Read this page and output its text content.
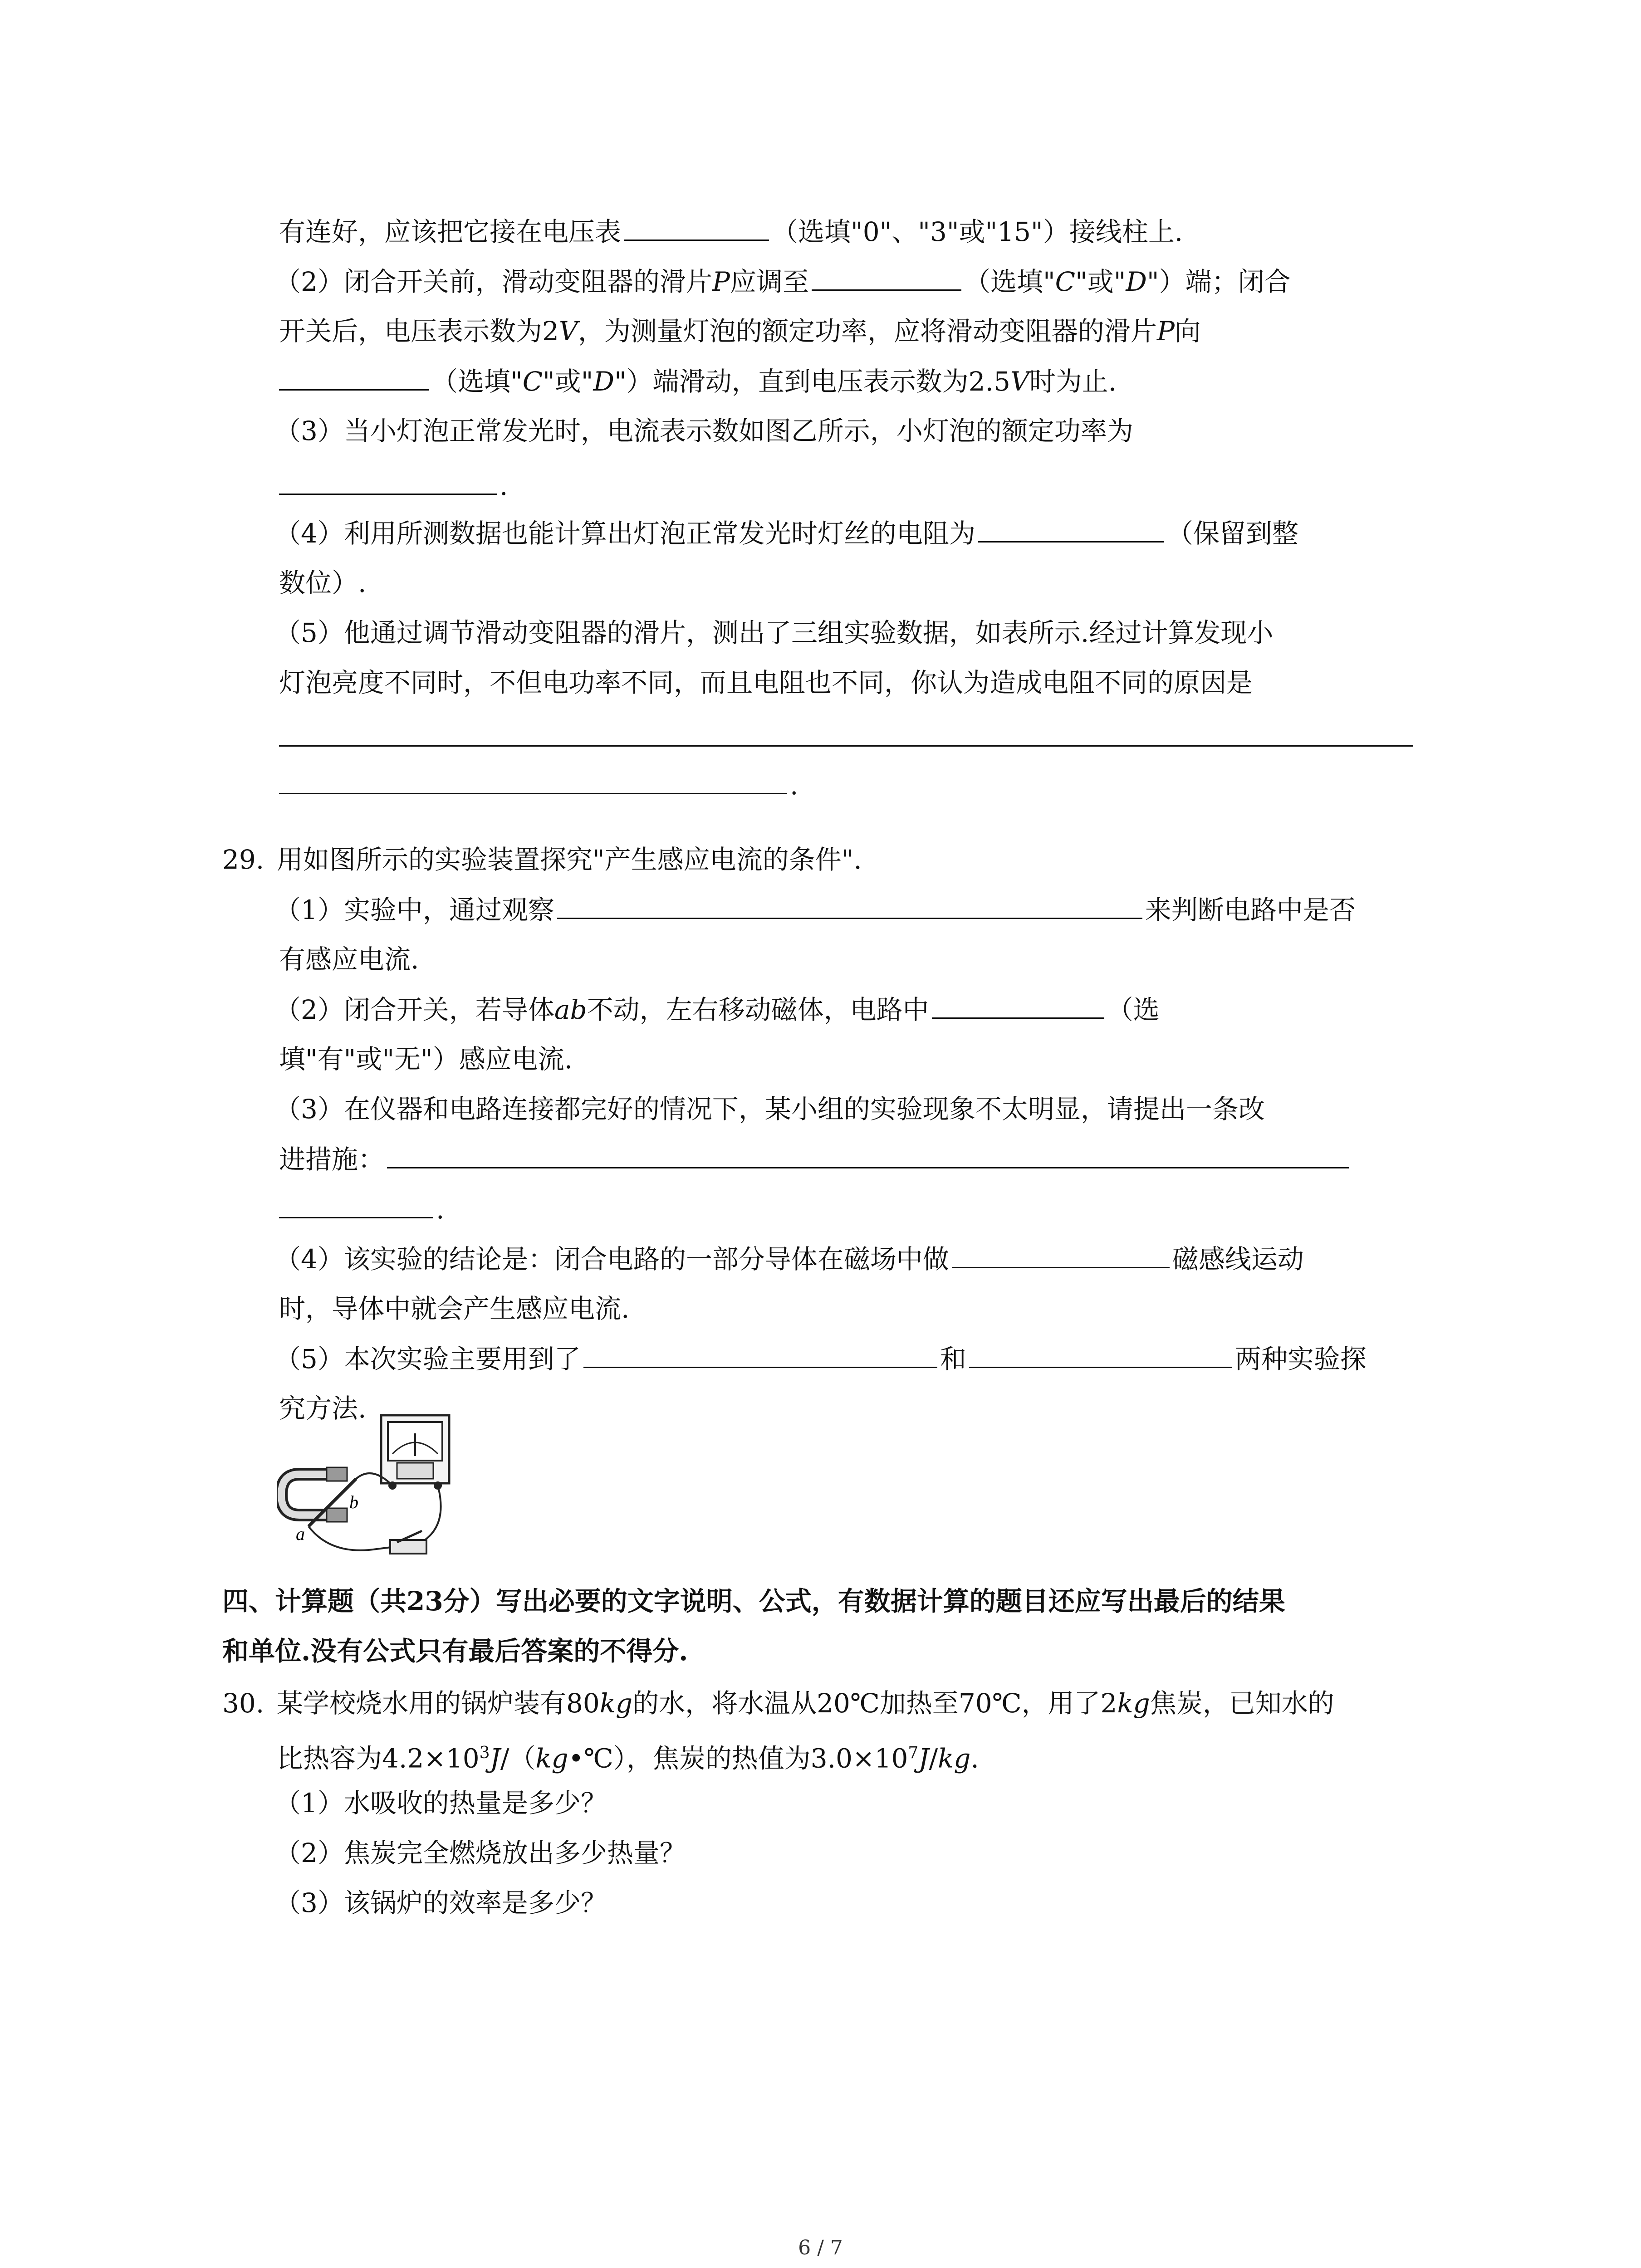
有连好，应该把它接在电压表	（选填"0"、"3"或"15"）接线柱上.
（2）闭合开关前，滑动变阻器的滑片P应调至	（选填"C"或"D"）端；闭合
开关后，电压表示数为2V，为测量灯泡的额定功率，应将滑动变阻器的滑片P向
（选填"C"或"D"）端滑动，直到电压表示数为2.5V时为止.
（3）当小灯泡正常发光时，电流表示数如图乙所示，小灯泡的额定功率为
.
（4）利用所测数据也能计算出灯泡正常发光时灯丝的电阻为	（保留到整
数位）.
（5）他通过调节滑动变阻器的滑片，测出了三组实验数据，如表所示.经过计算发现小
灯泡亮度不同时，不但电功率不同，而且电阻也不同，你认为造成电阻不同的原因是
.
29. 用如图所示的实验装置探究"产生感应电流的条件".
（1）实验中，通过观察	来判断电路中是否
有感应电流.
（2）闭合开关，若导体ab不动，左右移动磁体，电路中	（选
填"有"或"无"）感应电流.
（3）在仪器和电路连接都完好的情况下，某小组的实验现象不太明显，请提出一条改
进措施：
.
（4）该实验的结论是：闭合电路的一部分导体在磁场中做	磁感线运动
时，导体中就会产生感应电流.
（5）本次实验主要用到了	和	两种实验探
究方法.
a
b
四、计算题（共23分）写出必要的文字说明、公式，有数据计算的题目还应写出最后的结果
和单位.没有公式只有最后答案的不得分.
30. 某学校烧水用的锅炉装有80kg的水，将水温从20℃加热至70℃，用了2kg焦炭，已知水的
比热容为$4.2\times 10^3J/(kg•℃)$，焦炭的热值为$3.0\times 10^7J/kg$.
（1）水吸收的热量是多少？
（2）焦炭完全燃烧放出多少热量？
（3）该锅炉的效率是多少？
6 / 7
